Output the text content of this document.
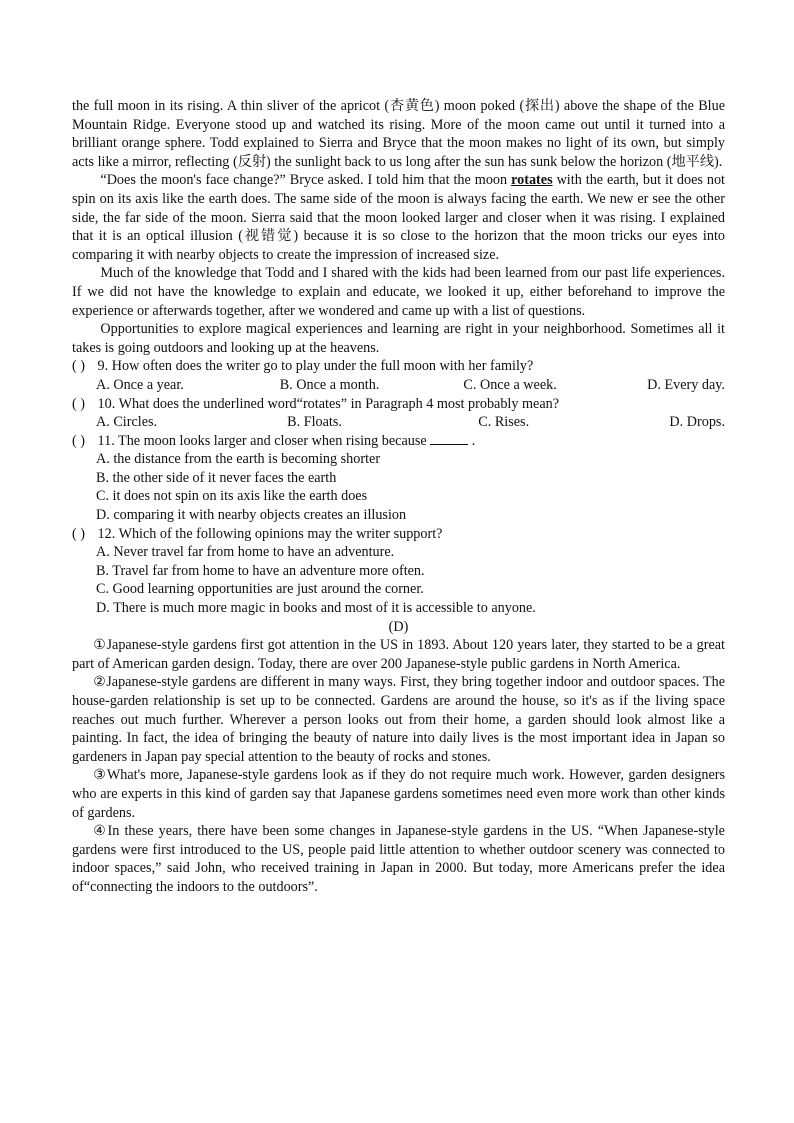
the full moon in its rising. A thin sliver of the apricot (杏黄色) moon poked (探出) above the shape of the Blue Mountain Ridge. Everyone stood up and watched its rising. More of the moon came out until it turned into a brilliant orange sphere. Todd explained to Sierra and Bryce that the moon makes no light of its own, but simply acts like a mirror, reflecting (反射) the sunlight back to us long after the sun has sunk below the horizon (地平线).

“Does the moon's face change?” Bryce asked. I told him that the moon rotates with the earth, but it does not spin on its axis like the earth does. The same side of the moon is always facing the earth. We new er see the other side, the far side of the moon. Sierra said that the moon looked larger and closer when it was rising. I explained that it is an optical illusion (视错觉) because it is so close to the horizon that the moon tricks our eyes into comparing it with nearby objects to create the impression of increased size.

Much of the knowledge that Todd and I shared with the kids had been learned from our past life experiences. If we did not have the knowledge to explain and educate, we looked it up, either beforehand to improve the experience or afterwards together, after we wondered and came up with a list of questions.

Opportunities to explore magical experiences and learning are right in your neighborhood. Sometimes all it takes is going outdoors and looking up at the heavens.

( ) 9. How often does the writer go to play under the full moon with her family?
A. Once a year.	B. Once a month.	C. Once a week.	D. Every day.
( ) 10. What does the underlined word“rotates” in Paragraph 4 most probably mean?
A. Circles.	B. Floats.	C. Rises.	D. Drops.
( ) 11. The moon looks larger and closer when rising because	.
A. the distance from the earth is becoming shorter
B. the other side of it never faces the earth
C. it does not spin on its axis like the earth does
D. comparing it with nearby objects creates an illusion
( ) 12. Which of the following opinions may the writer support?
A. Never travel far from home to have an adventure.
B. Travel far from home to have an adventure more often.
C. Good learning opportunities are just around the corner.
D. There is much more magic in books and most of it is accessible to anyone.
(D)

①Japanese-style gardens first got attention in the US in 1893. About 120 years later, they started to be a great part of American garden design. Today, there are over 200 Japanese-style public gardens in North America.

②Japanese-style gardens are different in many ways. First, they bring together indoor and outdoor spaces. The house-garden relationship is set up to be connected. Gardens are around the house, so it's as if the living space reaches out much further. Wherever a person looks out from their home, a garden should look almost like a painting. In fact, the idea of bringing the beauty of nature into daily lives is the most important idea in Japan so gardeners in Japan pay special attention to the beauty of rocks and stones.

③What's more, Japanese-style gardens look as if they do not require much work. However, garden designers who are experts in this kind of garden say that Japanese gardens sometimes need even more work than other kinds of gardens.

④In these years, there have been some changes in Japanese-style gardens in the US. “When Japanese-style gardens were first introduced to the US, people paid little attention to whether outdoor scenery was connected to indoor spaces,” said John, who received training in Japan in 2000. But today, more Americans prefer the idea of“connecting the indoors to the outdoors”.
